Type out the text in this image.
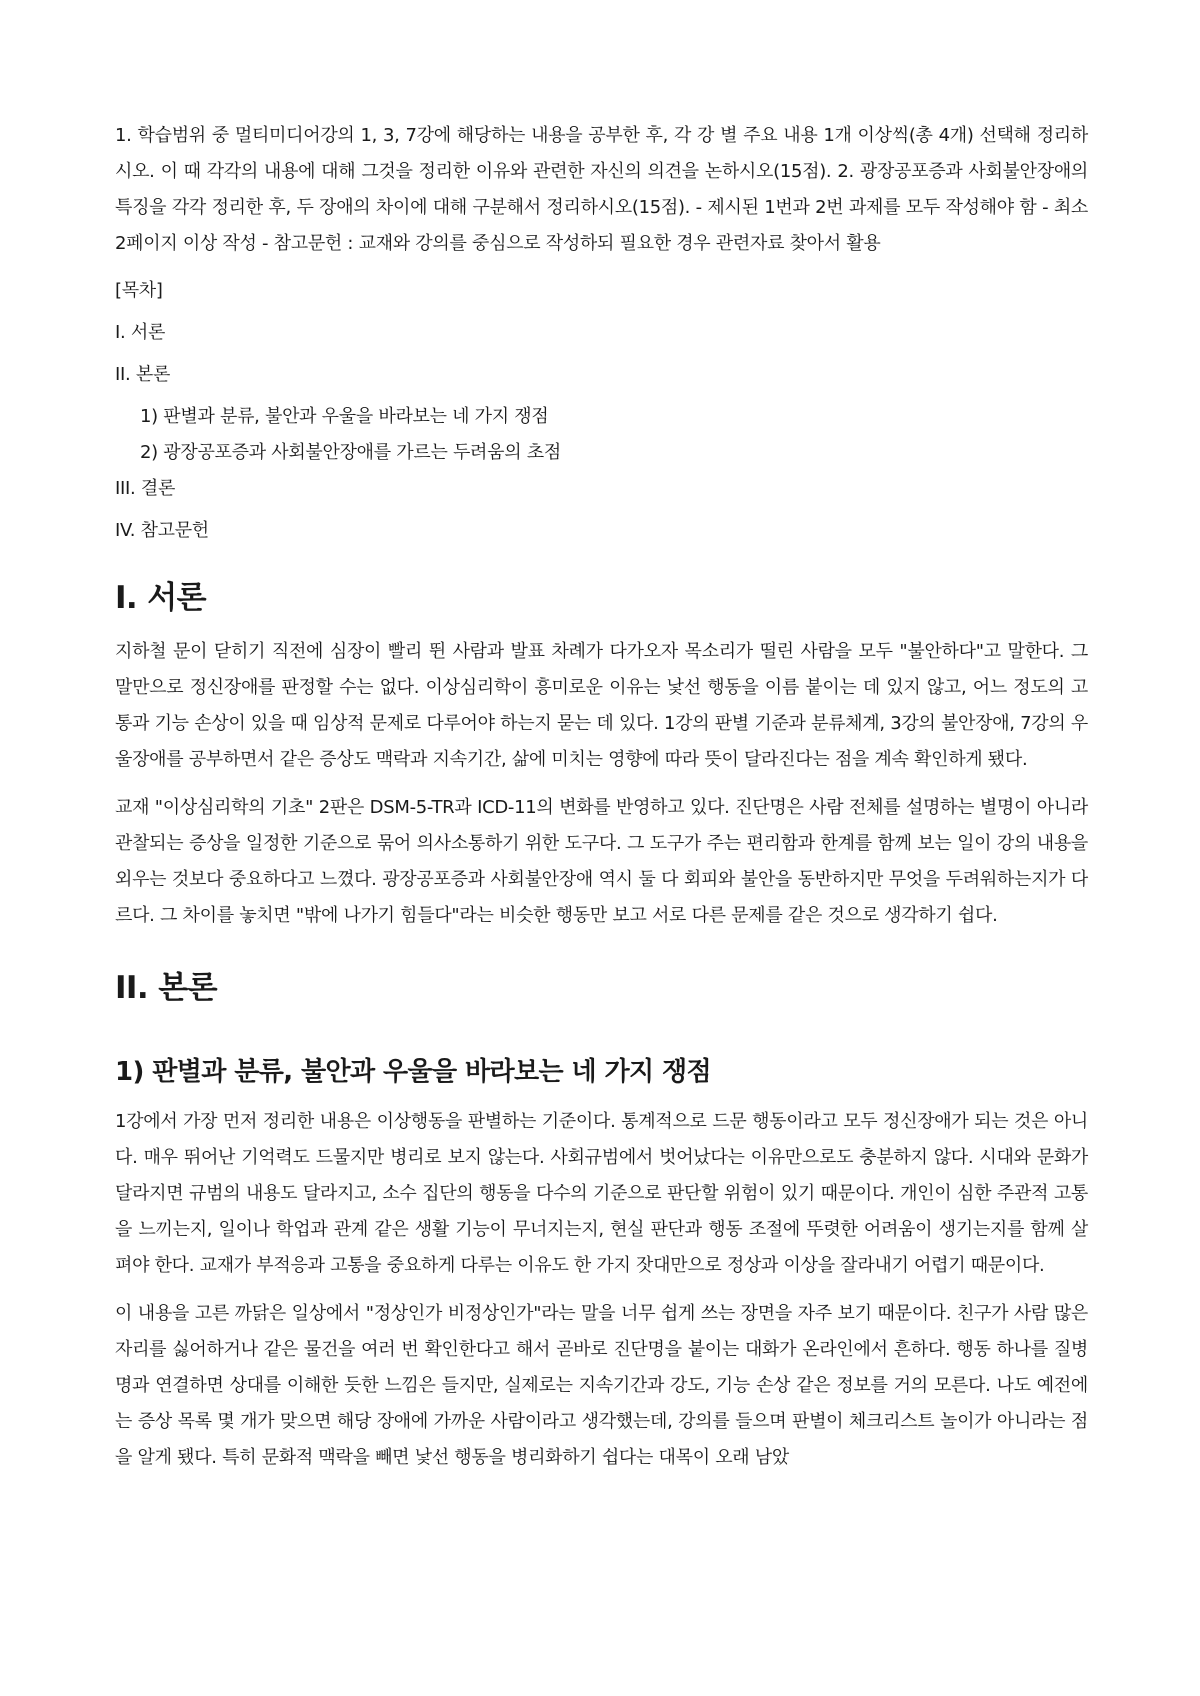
1. 학습범위 중 멀티미디어강의 1, 3, 7강에 해당하는 내용을 공부한 후, 각 강 별 주요 내용 1개 이상씩(총 4개) 선택해 정리하시오. 이 때 각각의 내용에 대해 그것을 정리한 이유와 관련한 자신의 의견을 논하시오(15점). 2. 광장공포증과 사회불안장애의 특징을 각각 정리한 후, 두 장애의 차이에 대해 구분해서 정리하시오(15점). - 제시된 1번과 2번 과제를 모두 작성해야 함 - 최소 2페이지 이상 작성 - 참고문헌 : 교재와 강의를 중심으로 작성하되 필요한 경우 관련자료 찾아서 활용

[목차]

I. 서론

II. 본론

1) 판별과 분류, 불안과 우울을 바라보는 네 가지 쟁점

2) 광장공포증과 사회불안장애를 가르는 두려움의 초점

III. 결론

IV. 참고문헌

I. 서론

지하철 문이 닫히기 직전에 심장이 빨리 뛴 사람과 발표 차례가 다가오자 목소리가 떨린 사람을 모두 "불안하다"고 말한다. 그 말만으로 정신장애를 판정할 수는 없다. 이상심리학이 흥미로운 이유는 낯선 행동을 이름 붙이는 데 있지 않고, 어느 정도의 고통과 기능 손상이 있을 때 임상적 문제로 다루어야 하는지 묻는 데 있다. 1강의 판별 기준과 분류체계, 3강의 불안장애, 7강의 우울장애를 공부하면서 같은 증상도 맥락과 지속기간, 삶에 미치는 영향에 따라 뜻이 달라진다는 점을 계속 확인하게 됐다.

교재 "이상심리학의 기초" 2판은 DSM-5-TR과 ICD-11의 변화를 반영하고 있다. 진단명은 사람 전체를 설명하는 별명이 아니라 관찰되는 증상을 일정한 기준으로 묶어 의사소통하기 위한 도구다. 그 도구가 주는 편리함과 한계를 함께 보는 일이 강의 내용을 외우는 것보다 중요하다고 느꼈다. 광장공포증과 사회불안장애 역시 둘 다 회피와 불안을 동반하지만 무엇을 두려워하는지가 다르다. 그 차이를 놓치면 "밖에 나가기 힘들다"라는 비슷한 행동만 보고 서로 다른 문제를 같은 것으로 생각하기 쉽다.

II. 본론
1) 판별과 분류, 불안과 우울을 바라보는 네 가지 쟁점

1강에서 가장 먼저 정리한 내용은 이상행동을 판별하는 기준이다. 통계적으로 드문 행동이라고 모두 정신장애가 되는 것은 아니다. 매우 뛰어난 기억력도 드물지만 병리로 보지 않는다. 사회규범에서 벗어났다는 이유만으로도 충분하지 않다. 시대와 문화가 달라지면 규범의 내용도 달라지고, 소수 집단의 행동을 다수의 기준으로 판단할 위험이 있기 때문이다. 개인이 심한 주관적 고통을 느끼는지, 일이나 학업과 관계 같은 생활 기능이 무너지는지, 현실 판단과 행동 조절에 뚜렷한 어려움이 생기는지를 함께 살펴야 한다. 교재가 부적응과 고통을 중요하게 다루는 이유도 한 가지 잣대만으로 정상과 이상을 잘라내기 어렵기 때문이다.

이 내용을 고른 까닭은 일상에서 "정상인가 비정상인가"라는 말을 너무 쉽게 쓰는 장면을 자주 보기 때문이다. 친구가 사람 많은 자리를 싫어하거나 같은 물건을 여러 번 확인한다고 해서 곧바로 진단명을 붙이는 대화가 온라인에서 흔하다. 행동 하나를 질병명과 연결하면 상대를 이해한 듯한 느낌은 들지만, 실제로는 지속기간과 강도, 기능 손상 같은 정보를 거의 모른다. 나도 예전에는 증상 목록 몇 개가 맞으면 해당 장애에 가까운 사람이라고 생각했는데, 강의를 들으며 판별이 체크리스트 놀이가 아니라는 점을 알게 됐다. 특히 문화적 맥락을 빼면 낯선 행동을 병리화하기 쉽다는 대목이 오래 남았
